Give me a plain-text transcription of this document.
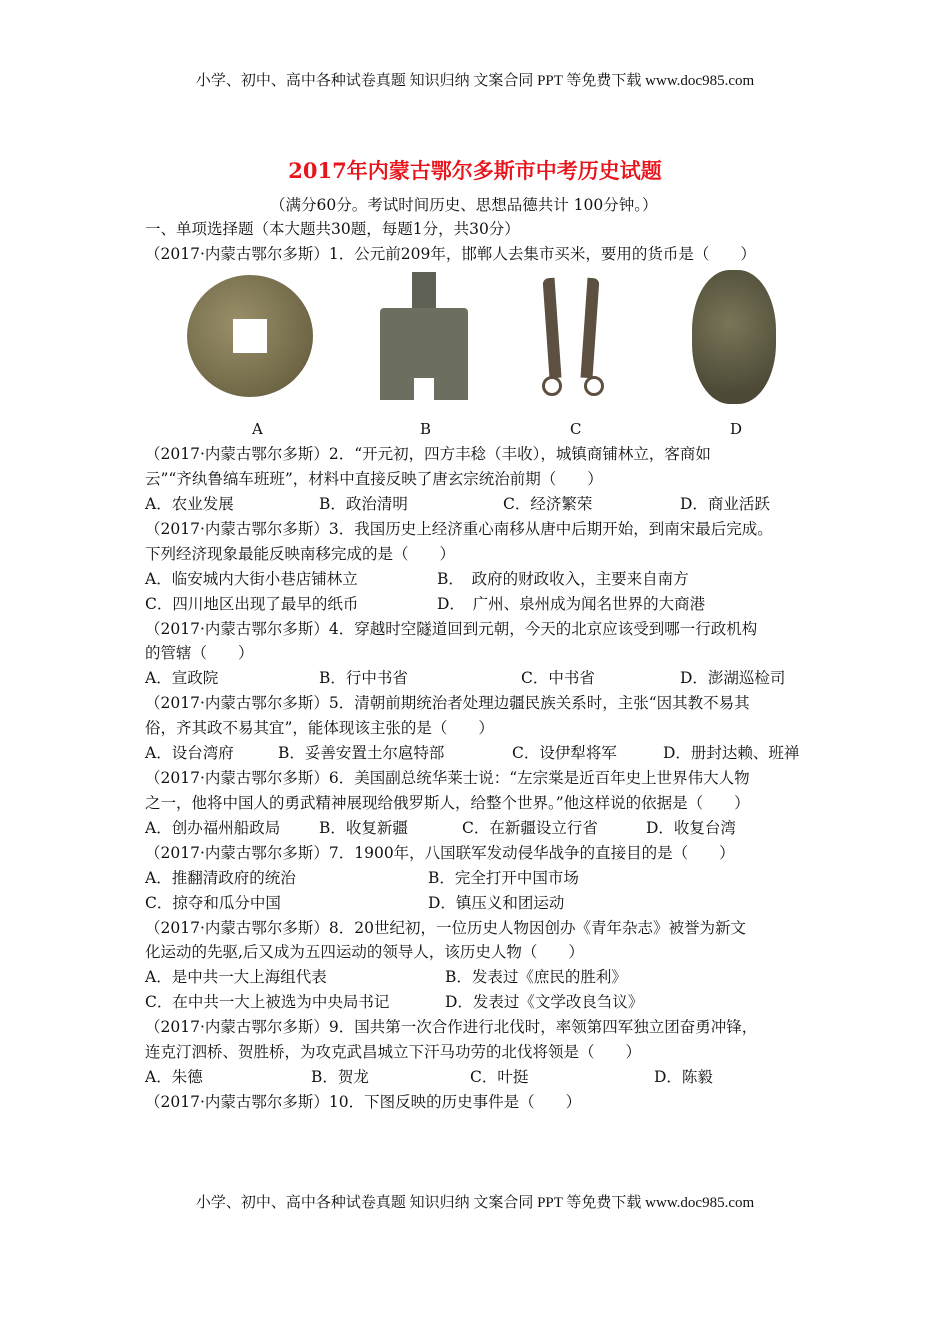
小学、初中、高中各种试卷真题 知识归纳 文案合同 PPT 等免费下载 www.doc985.com
2017年内蒙古鄂尔多斯市中考历史试题
（满分60分。考试时间历史、思想品德共计 100分钟。）
一、单项选择题（本大题共30题，每题1分，共30分）
（2017·内蒙古鄂尔多斯）1．公元前209年，邯郸人去集市买米，要用的货币是（　　）
A	B	C	D
（2017·内蒙古鄂尔多斯）2．“开元初，四方丰稔（丰收），城镇商铺林立，客商如
云”“齐纨鲁缟车班班”，材料中直接反映了唐玄宗统治前期（　　）
A．农业发展	B．政治清明	C．经济繁荣	D．商业活跃
（2017·内蒙古鄂尔多斯）3．我国历史上经济重心南移从唐中后期开始，到南宋最后完成。
下列经济现象最能反映南移完成的是（　　）
A．临安城内大街小巷店铺林立	B．　政府的财政收入，主要来自南方
C．四川地区出现了最早的纸币	D．　广州、泉州成为闻名世界的大商港
（2017·内蒙古鄂尔多斯）4．穿越时空隧道回到元朝，今天的北京应该受到哪一行政机构
的管辖（　　）
A．宣政院	B．行中书省	C．中书省	D．澎湖巡检司
（2017·内蒙古鄂尔多斯）5．清朝前期统治者处理边疆民族关系时，主张“因其教不易其
俗，齐其政不易其宜”，能体现该主张的是（　　）
A．设台湾府	B．妥善安置土尔扈特部	C．设伊犁将军	D．册封达赖、班禅
（2017·内蒙古鄂尔多斯）6．美国副总统华莱士说：“左宗棠是近百年史上世界伟大人物
之一，他将中国人的勇武精神展现给俄罗斯人，给整个世界。”他这样说的依据是（　　）
A．创办福州船政局	B．收复新疆	C．在新疆设立行省	D．收复台湾
（2017·内蒙古鄂尔多斯）7．1900年，八国联军发动侵华战争的直接目的是（　　）
A．推翻清政府的统治	B．完全打开中国市场
C．掠夺和瓜分中国	D．镇压义和团运动
（2017·内蒙古鄂尔多斯）8．20世纪初，一位历史人物因创办《青年杂志》被誉为新文
化运动的先驱,后又成为五四运动的领导人，该历史人物（　　）
A．是中共一大上海组代表	B．发表过《庶民的胜利》
C．在中共一大上被选为中央局书记	D．发表过《文学改良刍议》
（2017·内蒙古鄂尔多斯）9．国共第一次合作进行北伐时，率领第四军独立团奋勇冲锋，
连克汀泗桥、贺胜桥，为攻克武昌城立下汗马功劳的北伐将领是（　　）
A．朱德	B．贺龙	C．叶挺	D．陈毅
（2017·内蒙古鄂尔多斯）10．下图反映的历史事件是（　　）
小学、初中、高中各种试卷真题 知识归纳 文案合同 PPT 等免费下载 www.doc985.com
